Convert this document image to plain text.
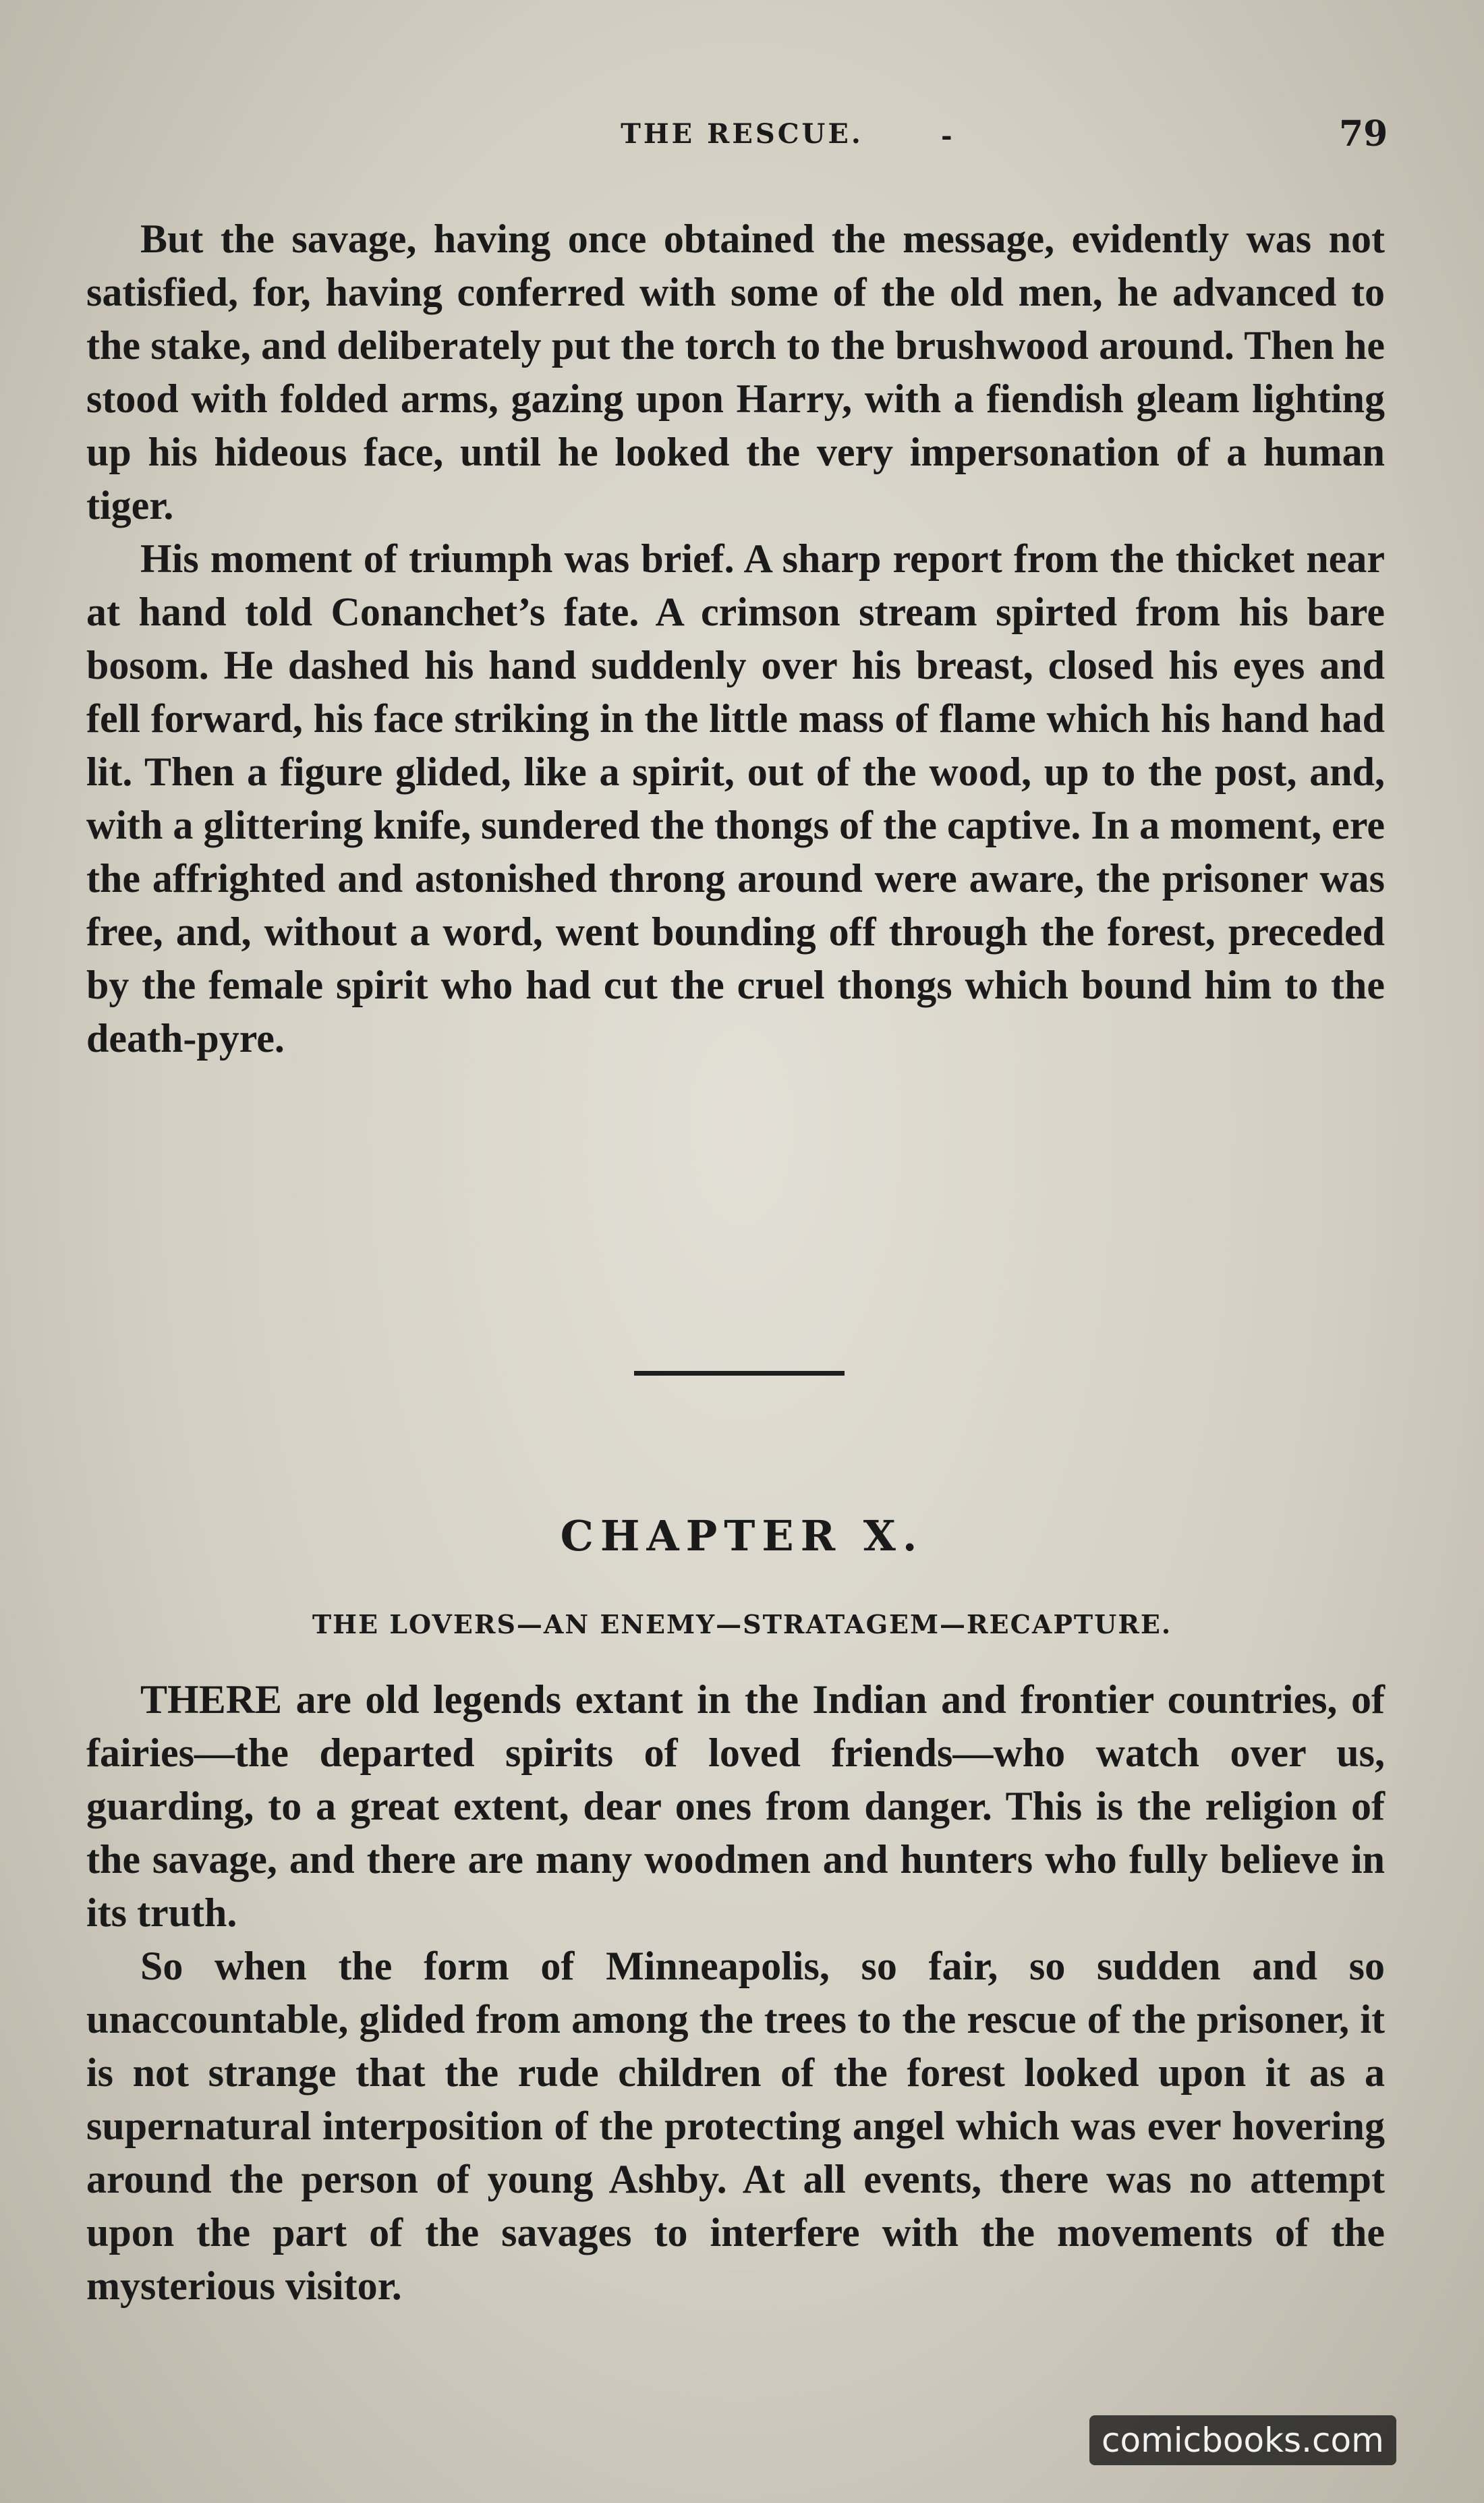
THE RESCUE.	-	79

But the savage, having once obtained the message, evidently was not satisfied, for, having conferred with some of the old men, he advanced to the stake, and deliberately put the torch to the brushwood around. Then he stood with folded arms, gazing upon Harry, with a fiendish gleam lighting up his hideous face, until he looked the very impersonation of a human tiger.

His moment of triumph was brief. A sharp report from the thicket near at hand told Conanchet’s fate. A crimson stream spirted from his bare bosom. He dashed his hand suddenly over his breast, closed his eyes and fell forward, his face striking in the little mass of flame which his hand had lit. Then a figure glided, like a spirit, out of the wood, up to the post, and, with a glittering knife, sundered the thongs of the captive. In a moment, ere the affrighted and astonished throng around were aware, the prisoner was free, and, without a word, went bounding off through the forest, preceded by the female spirit who had cut the cruel thongs which bound him to the death-pyre.

CHAPTER X.
THE LOVERS—AN ENEMY—STRATAGEM—RECAPTURE.

THERE are old legends extant in the Indian and frontier countries, of fairies—the departed spirits of loved friends—who watch over us, guarding, to a great extent, dear ones from danger. This is the religion of the savage, and there are many woodmen and hunters who fully believe in its truth.

So when the form of Minneapolis, so fair, so sudden and so unaccountable, glided from among the trees to the rescue of the prisoner, it is not strange that the rude children of the forest looked upon it as a supernatural interposition of the protecting angel which was ever hovering around the person of young Ashby. At all events, there was no attempt upon the part of the savages to interfere with the movements of the mysterious visitor.

comicbooks.com
